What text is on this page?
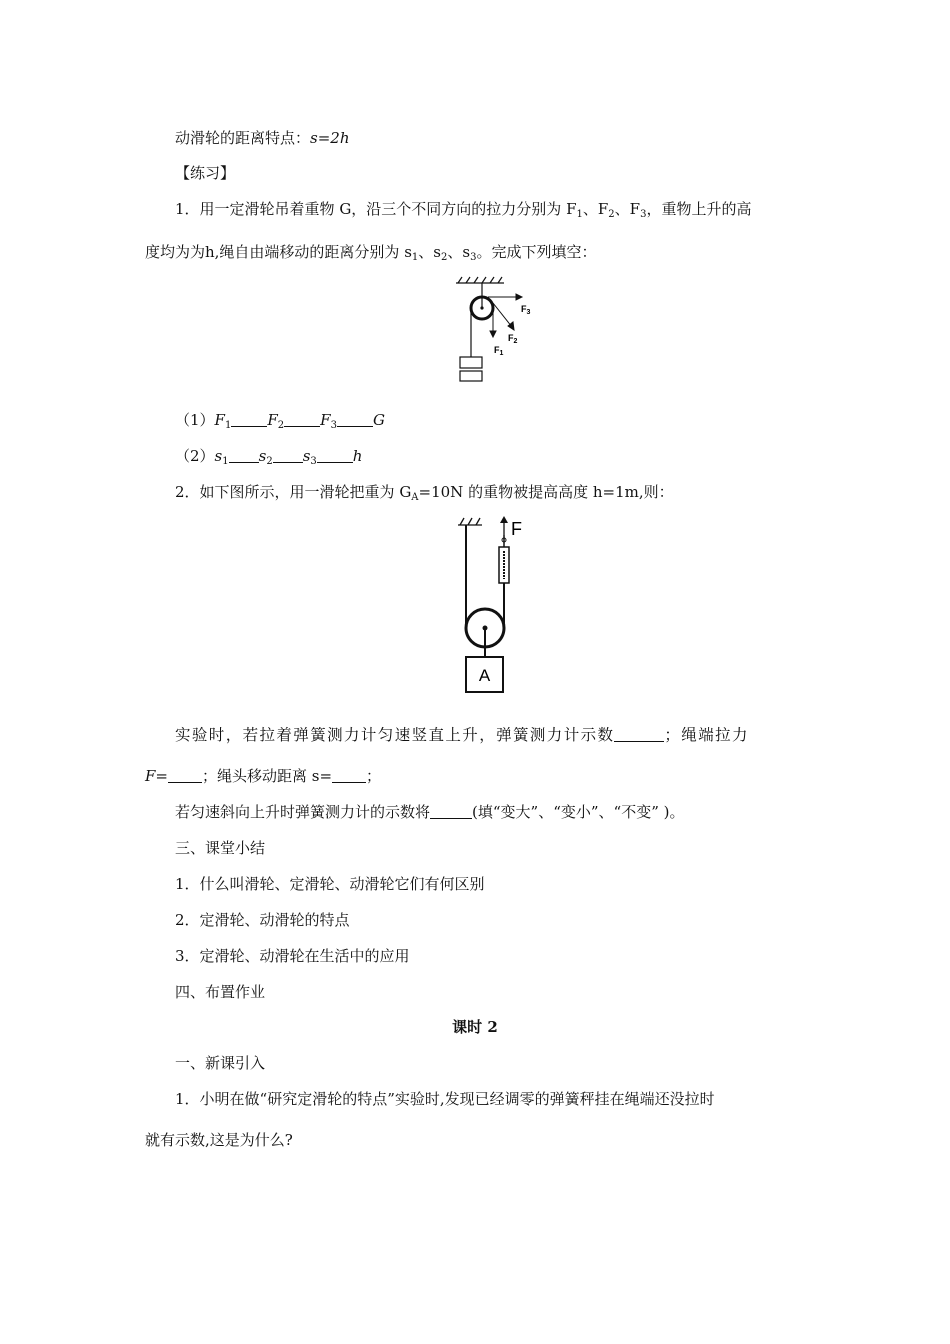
动滑轮的距离特点：s=2h
【练习】
1．用一定滑轮吊着重物 G，沿三个不同方向的拉力分别为 $F_1$、$F_2$、$F_3$，重物上升的高
度均为为h,绳自由端移动的距离分别为 $s_1$、$s_2$、$s_3$。完成下列填空：
$F_3$
$F_2$
$F_1$
$(1)F_1$ $F_2$ $F_3$ G
$(2)s_1$ $s_2$ $s_3$ h
2．如下图所示，用一滑轮把重为 $G_A=10N$ 的重物被提高高度 h=1m,则：
A
F
实验时，若拉着弹簧测力计匀速竖直上升，弹簧测力计示数	；绳端拉力
F= ；绳头移动距离 s= ；
若匀速斜向上升时弹簧测力计的示数将	(填“变大”、“变小”、“不变” )。
三、课堂小结
1．什么叫滑轮、定滑轮、动滑轮它们有何区别
2．定滑轮、动滑轮的特点
3．定滑轮、动滑轮在生活中的应用
四、布置作业
课时 2
一、新课引入
1．小明在做“研究定滑轮的特点”实验时,发现已经调零的弹簧秤挂在绳端还没拉时
就有示数,这是为什么?
